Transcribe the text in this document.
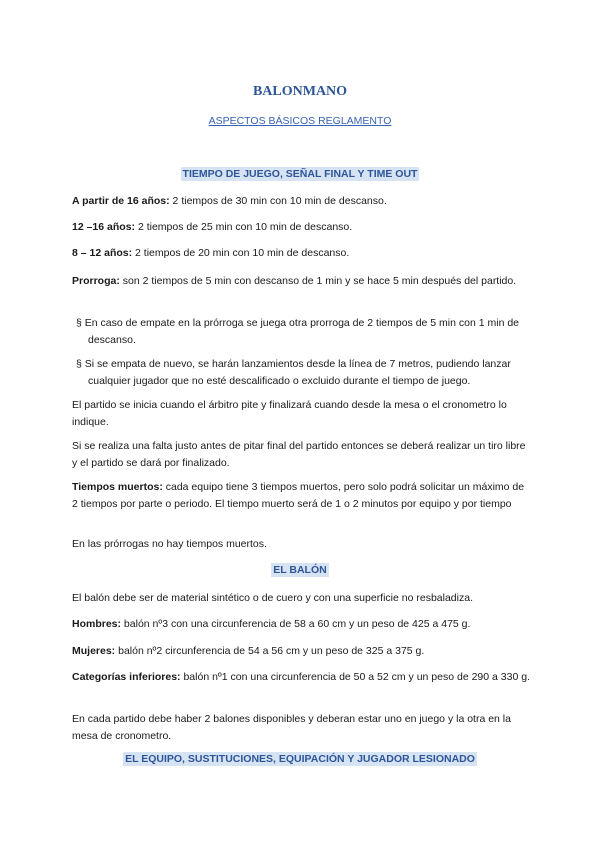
BALONMANO
ASPECTOS BÁSICOS REGLAMENTO
TIEMPO DE JUEGO, SEÑAL FINAL Y TIME OUT
A partir de 16 años: 2 tiempos de 30 min con 10 min de descanso.
12 –16 años: 2 tiempos de 25 min con 10 min de descanso.
8 – 12 años: 2 tiempos de 20 min con 10 min de descanso.
Prorroga: son 2 tiempos de 5 min con descanso de 1 min y se hace 5 min después del partido.
§ En caso de empate en la prórroga se juega otra prorroga de 2 tiempos de 5 min con 1 min de descanso.
§ Si se empata de nuevo, se harán lanzamientos desde la línea de 7 metros, pudiendo lanzar cualquier jugador que no esté descalificado o excluido durante el tiempo de juego.
El partido se inicia cuando el árbitro pite y finalizará cuando desde la mesa o el cronometro lo indique.
Si se realiza una falta justo antes de pitar final del partido entonces se deberá realizar un tiro libre y el partido se dará por finalizado.
Tiempos muertos: cada equipo tiene 3 tiempos muertos, pero solo podrá solicitar un máximo de 2 tiempos por parte o periodo. El tiempo muerto será de 1 o 2 minutos por equipo y por tiempo
En las prórrogas no hay tiempos muertos.
EL BALÓN
El balón debe ser de material sintético o de cuero y con una superficie no resbaladiza.
Hombres: balón nº3 con una circunferencia de 58 a 60 cm y un peso de 425 a 475 g.
Mujeres: balón nº2 circunferencia de 54 a 56 cm y un peso de 325 a 375 g.
Categorías inferiores: balón nº1 con una circunferencia de 50 a 52 cm y un peso de 290 a 330 g.
En cada partido debe haber 2 balones disponibles y deberan estar uno en juego y la otra en la mesa de cronometro.
EL EQUIPO, SUSTITUCIONES, EQUIPACIÓN Y JUGADOR LESIONADO
